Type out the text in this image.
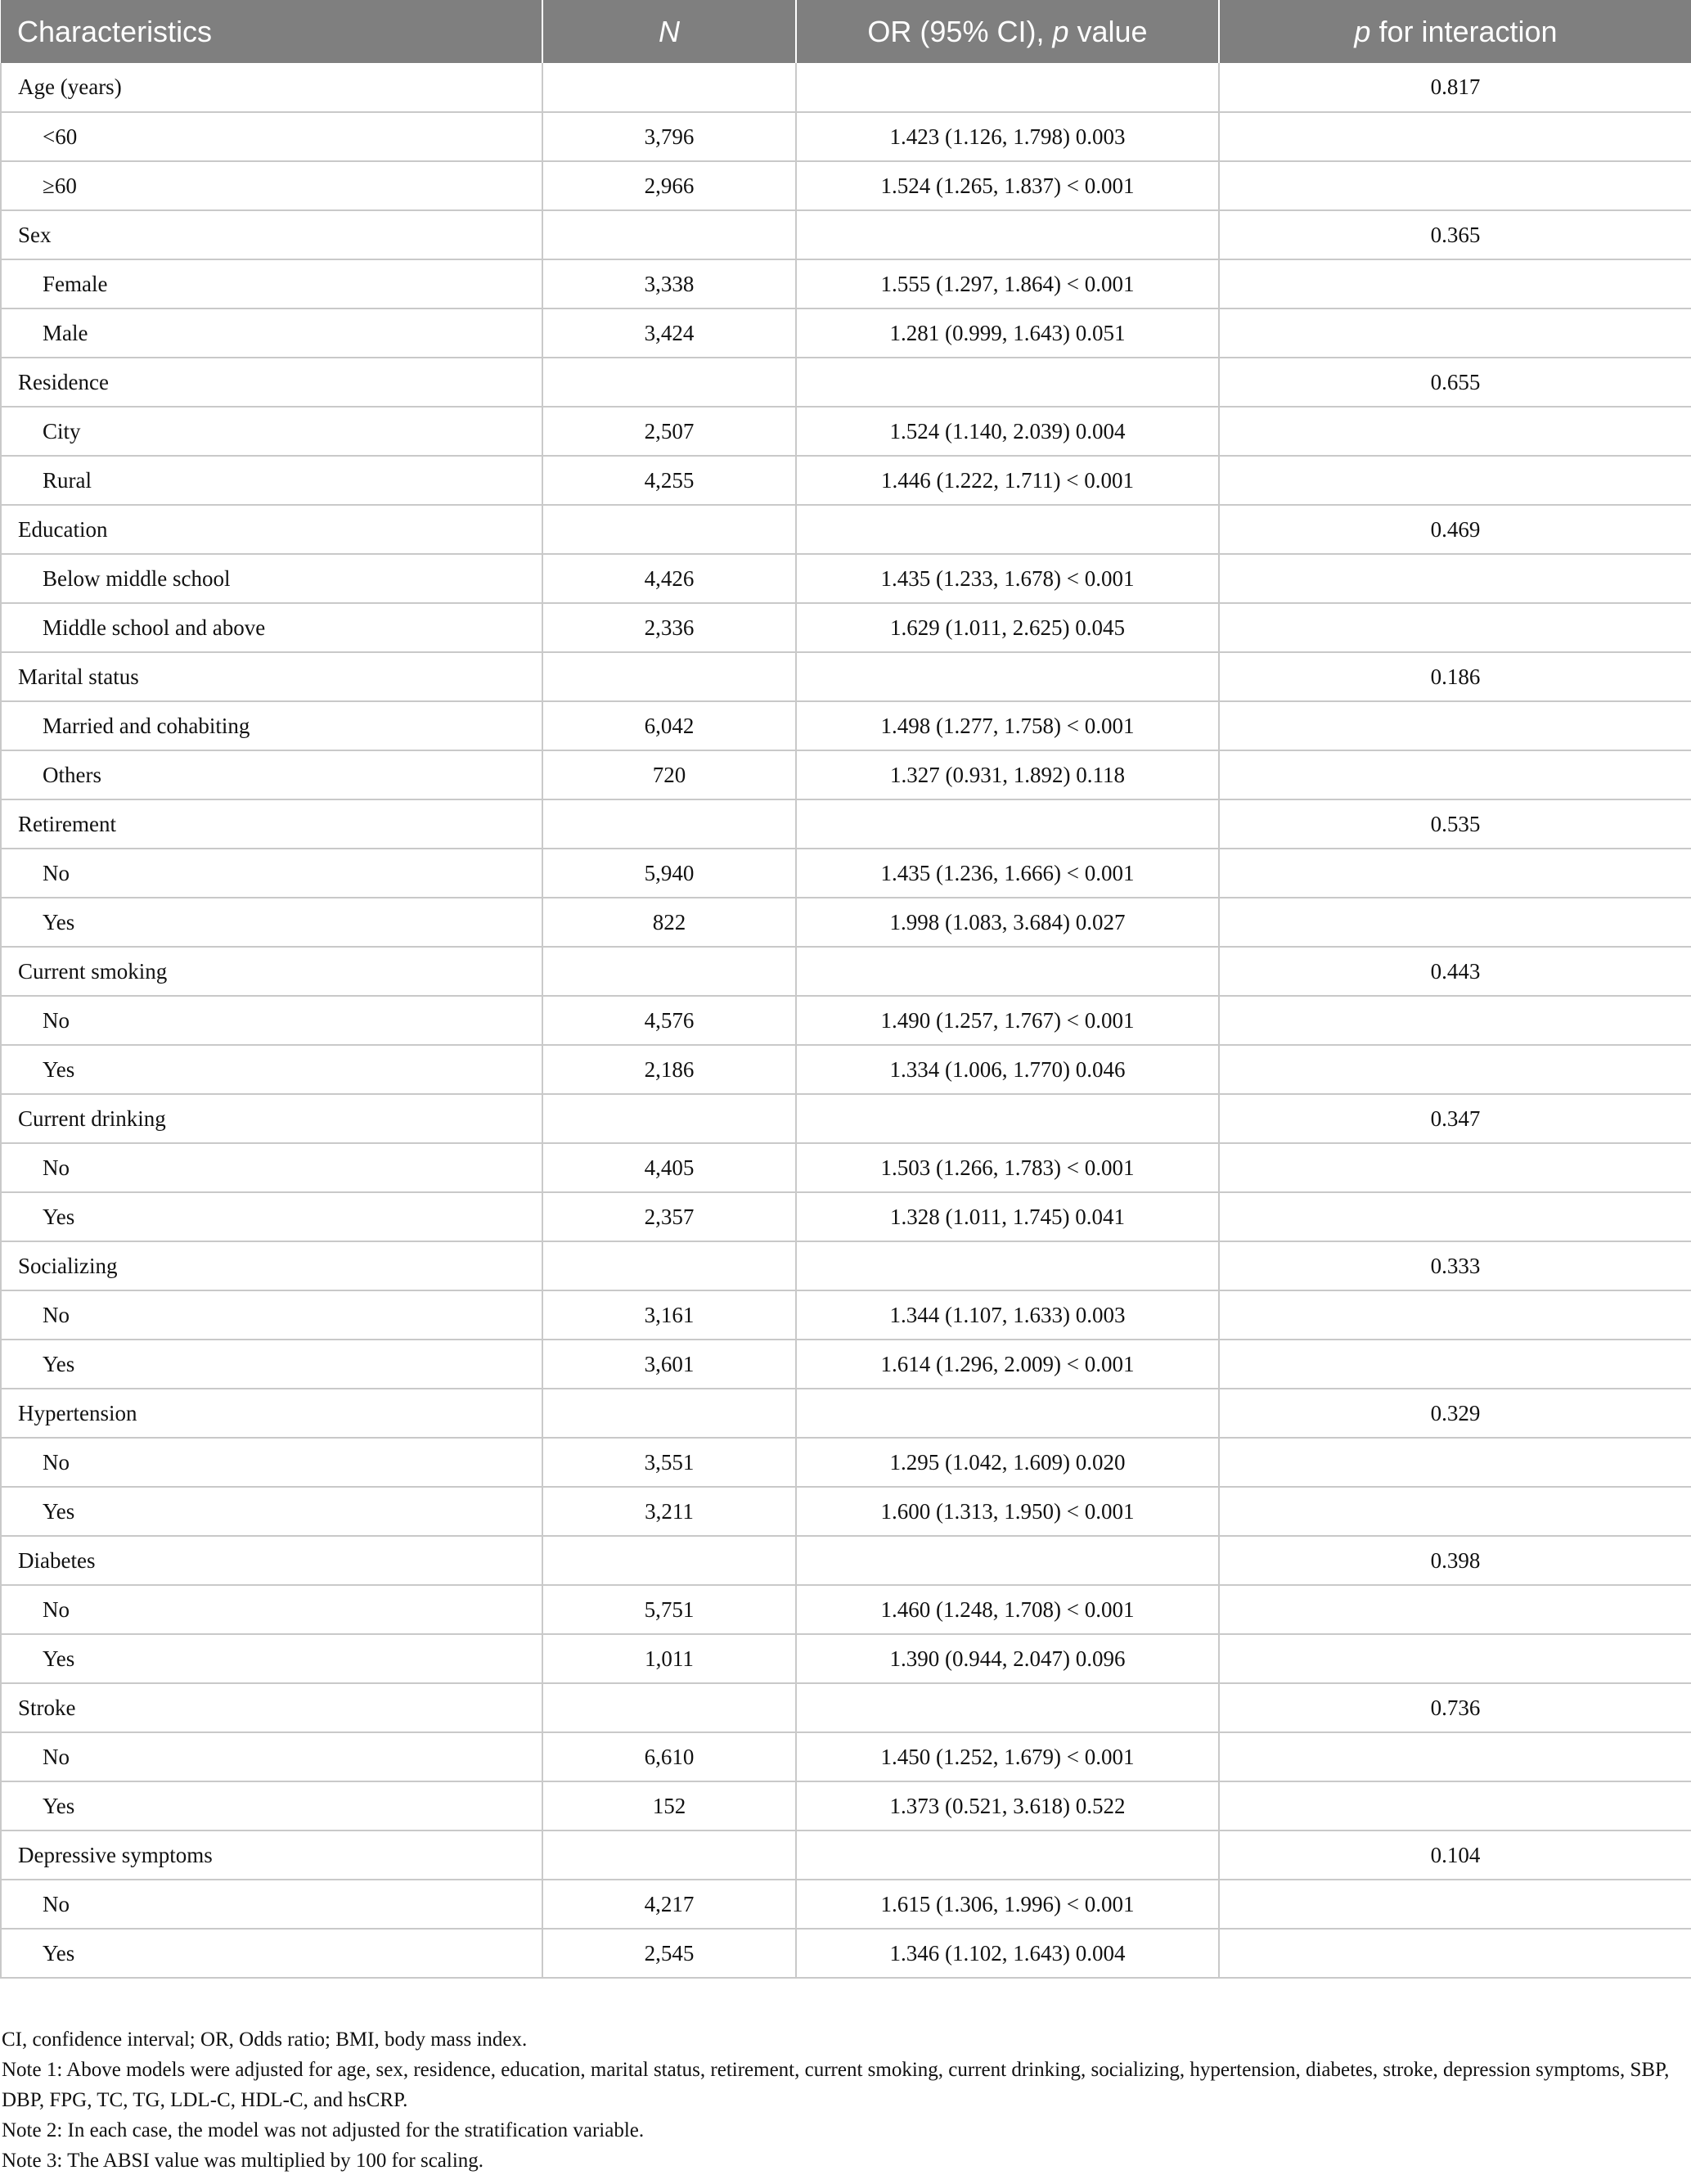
Characteristics	N	OR (95% CI), p value	p for interaction
Age (years)			0.817
<60	3,796	1.423 (1.126, 1.798) 0.003	
≥60	2,966	1.524 (1.265, 1.837) < 0.001	
Sex			0.365
Female	3,338	1.555 (1.297, 1.864) < 0.001	
Male	3,424	1.281 (0.999, 1.643) 0.051	
Residence			0.655
City	2,507	1.524 (1.140, 2.039) 0.004	
Rural	4,255	1.446 (1.222, 1.711) < 0.001	
Education			0.469
Below middle school	4,426	1.435 (1.233, 1.678) < 0.001	
Middle school and above	2,336	1.629 (1.011, 2.625) 0.045	
Marital status			0.186
Married and cohabiting	6,042	1.498 (1.277, 1.758) < 0.001	
Others	720	1.327 (0.931, 1.892) 0.118	
Retirement			0.535
No	5,940	1.435 (1.236, 1.666) < 0.001	
Yes	822	1.998 (1.083, 3.684) 0.027	
Current smoking			0.443
No	4,576	1.490 (1.257, 1.767) < 0.001	
Yes	2,186	1.334 (1.006, 1.770) 0.046	
Current drinking			0.347
No	4,405	1.503 (1.266, 1.783) < 0.001	
Yes	2,357	1.328 (1.011, 1.745) 0.041	
Socializing			0.333
No	3,161	1.344 (1.107, 1.633) 0.003	
Yes	3,601	1.614 (1.296, 2.009) < 0.001	
Hypertension			0.329
No	3,551	1.295 (1.042, 1.609) 0.020	
Yes	3,211	1.600 (1.313, 1.950) < 0.001	
Diabetes			0.398
No	5,751	1.460 (1.248, 1.708) < 0.001	
Yes	1,011	1.390 (0.944, 2.047) 0.096	
Stroke			0.736
No	6,610	1.450 (1.252, 1.679) < 0.001	
Yes	152	1.373 (0.521, 3.618) 0.522	
Depressive symptoms			0.104
No	4,217	1.615 (1.306, 1.996) < 0.001	
Yes	2,545	1.346 (1.102, 1.643) 0.004	
CI, confidence interval; OR, Odds ratio; BMI, body mass index.
Note 1: Above models were adjusted for age, sex, residence, education, marital status, retirement, current smoking, current drinking, socializing, hypertension, diabetes, stroke, depression symptoms, SBP, DBP, FPG, TC, TG, LDL-C, HDL-C, and hsCRP.
Note 2: In each case, the model was not adjusted for the stratification variable.
Note 3: The ABSI value was multiplied by 100 for scaling.
